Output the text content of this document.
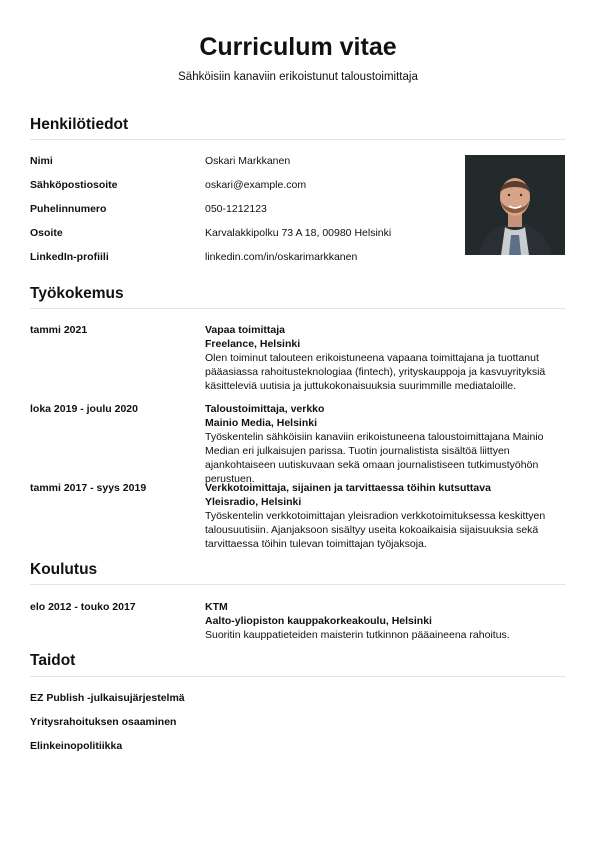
Curriculum vitae
Sähköisiin kanaviin erikoistunut taloustoimittaja
Henkilötiedot
Nimi	Oskari Markkanen
Sähköpostiosoite	oskari@example.com
Puhelinnumero	050-1212123
Osoite	Karvalakkipolku 73 A 18, 00980 Helsinki
LinkedIn-profiili	linkedin.com/in/oskarimarkkanen
Työkokemus
tammi 2021	Vapaa toimittaja
Freelance, Helsinki
Olen toiminut talouteen erikoistuneena vapaana toimittajana ja tuottanut pääasiassa rahoitusteknologiaa (fintech), yrityskauppoja ja kasvuyrityksiä käsitteleviä uutisia ja juttukokonaisuuksia suurimmille mediataloille.
loka 2019 - joulu 2020	Taloustoimittaja, verkko
Mainio Media, Helsinki
Työskentelin sähköisiin kanaviin erikoistuneena taloustoimittajana Mainio Median eri julkaisujen parissa. Tuotin journalistista sisältöä liittyen ajankohtaiseen uutiskuvaan sekä omaan journalistiseen tutkimustyöhön perustuen.
tammi 2017 - syys 2019	Verkkotoimittaja, sijainen ja tarvittaessa töihin kutsuttava
Yleisradio, Helsinki
Työskentelin verkkotoimittajan yleisradion verkkotoimituksessa keskittyen talousuutisiin. Ajanjaksoon sisältyy useita kokoaikaisia sijaisuuksia sekä tarvittaessa töihin tulevan toimittajan työjaksoja.
Koulutus
elo 2012 - touko 2017	KTM
Aalto-yliopiston kauppakorkeakoulu, Helsinki
Suoritin kauppatieteiden maisterin tutkinnon pääaineena rahoitus.
Taidot
EZ Publish -julkaisujärjestelmä
Yritysrahoituksen osaaminen
Elinkeinopolitiikka
